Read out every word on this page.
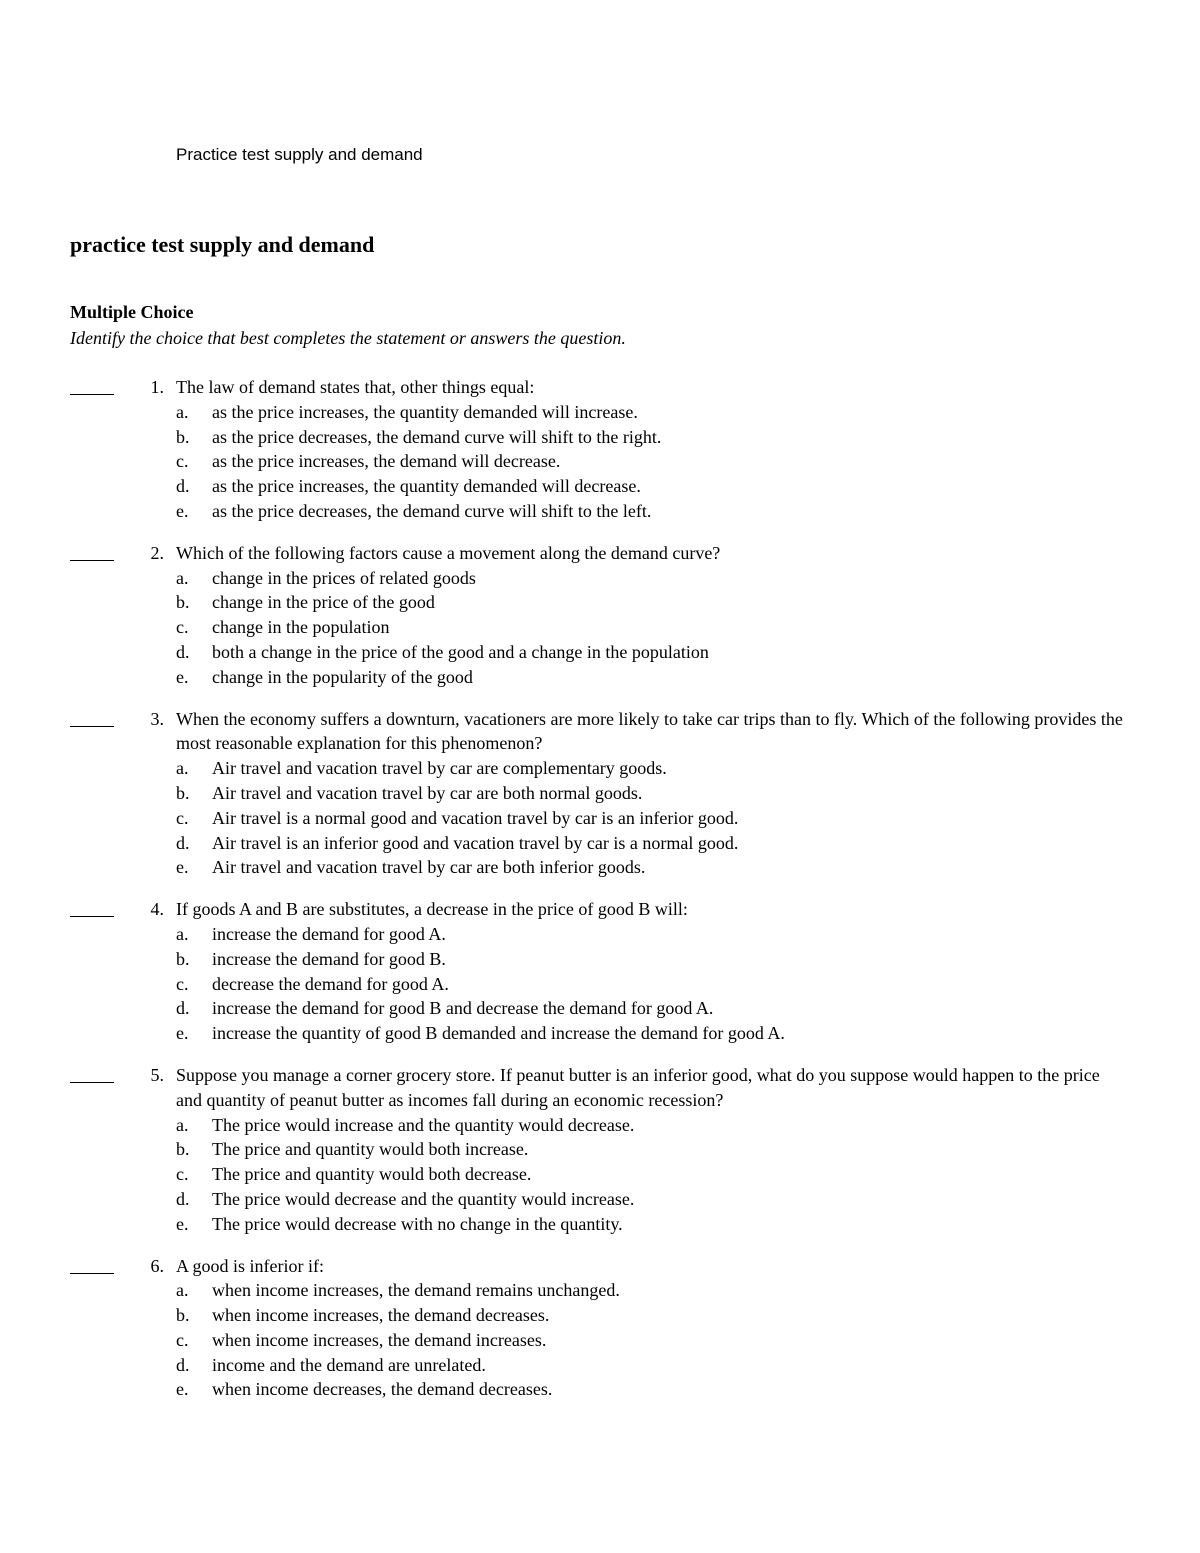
Practice test supply and demand
practice test supply and demand
Multiple Choice
Identify the choice that best completes the statement or answers the question.
1. The law of demand states that, other things equal:
a. as the price increases, the quantity demanded will increase.
b. as the price decreases, the demand curve will shift to the right.
c. as the price increases, the demand will decrease.
d. as the price increases, the quantity demanded will decrease.
e. as the price decreases, the demand curve will shift to the left.
2. Which of the following factors cause a movement along the demand curve?
a. change in the prices of related goods
b. change in the price of the good
c. change in the population
d. both a change in the price of the good and a change in the population
e. change in the popularity of the good
3. When the economy suffers a downturn, vacationers are more likely to take car trips than to fly. Which of the following provides the most reasonable explanation for this phenomenon?
a. Air travel and vacation travel by car are complementary goods.
b. Air travel and vacation travel by car are both normal goods.
c. Air travel is a normal good and vacation travel by car is an inferior good.
d. Air travel is an inferior good and vacation travel by car is a normal good.
e. Air travel and vacation travel by car are both inferior goods.
4. If goods A and B are substitutes, a decrease in the price of good B will:
a. increase the demand for good A.
b. increase the demand for good B.
c. decrease the demand for good A.
d. increase the demand for good B and decrease the demand for good A.
e. increase the quantity of good B demanded and increase the demand for good A.
5. Suppose you manage a corner grocery store. If peanut butter is an inferior good, what do you suppose would happen to the price and quantity of peanut butter as incomes fall during an economic recession?
a. The price would increase and the quantity would decrease.
b. The price and quantity would both increase.
c. The price and quantity would both decrease.
d. The price would decrease and the quantity would increase.
e. The price would decrease with no change in the quantity.
6. A good is inferior if:
a. when income increases, the demand remains unchanged.
b. when income increases, the demand decreases.
c. when income increases, the demand increases.
d. income and the demand are unrelated.
e. when income decreases, the demand decreases.
